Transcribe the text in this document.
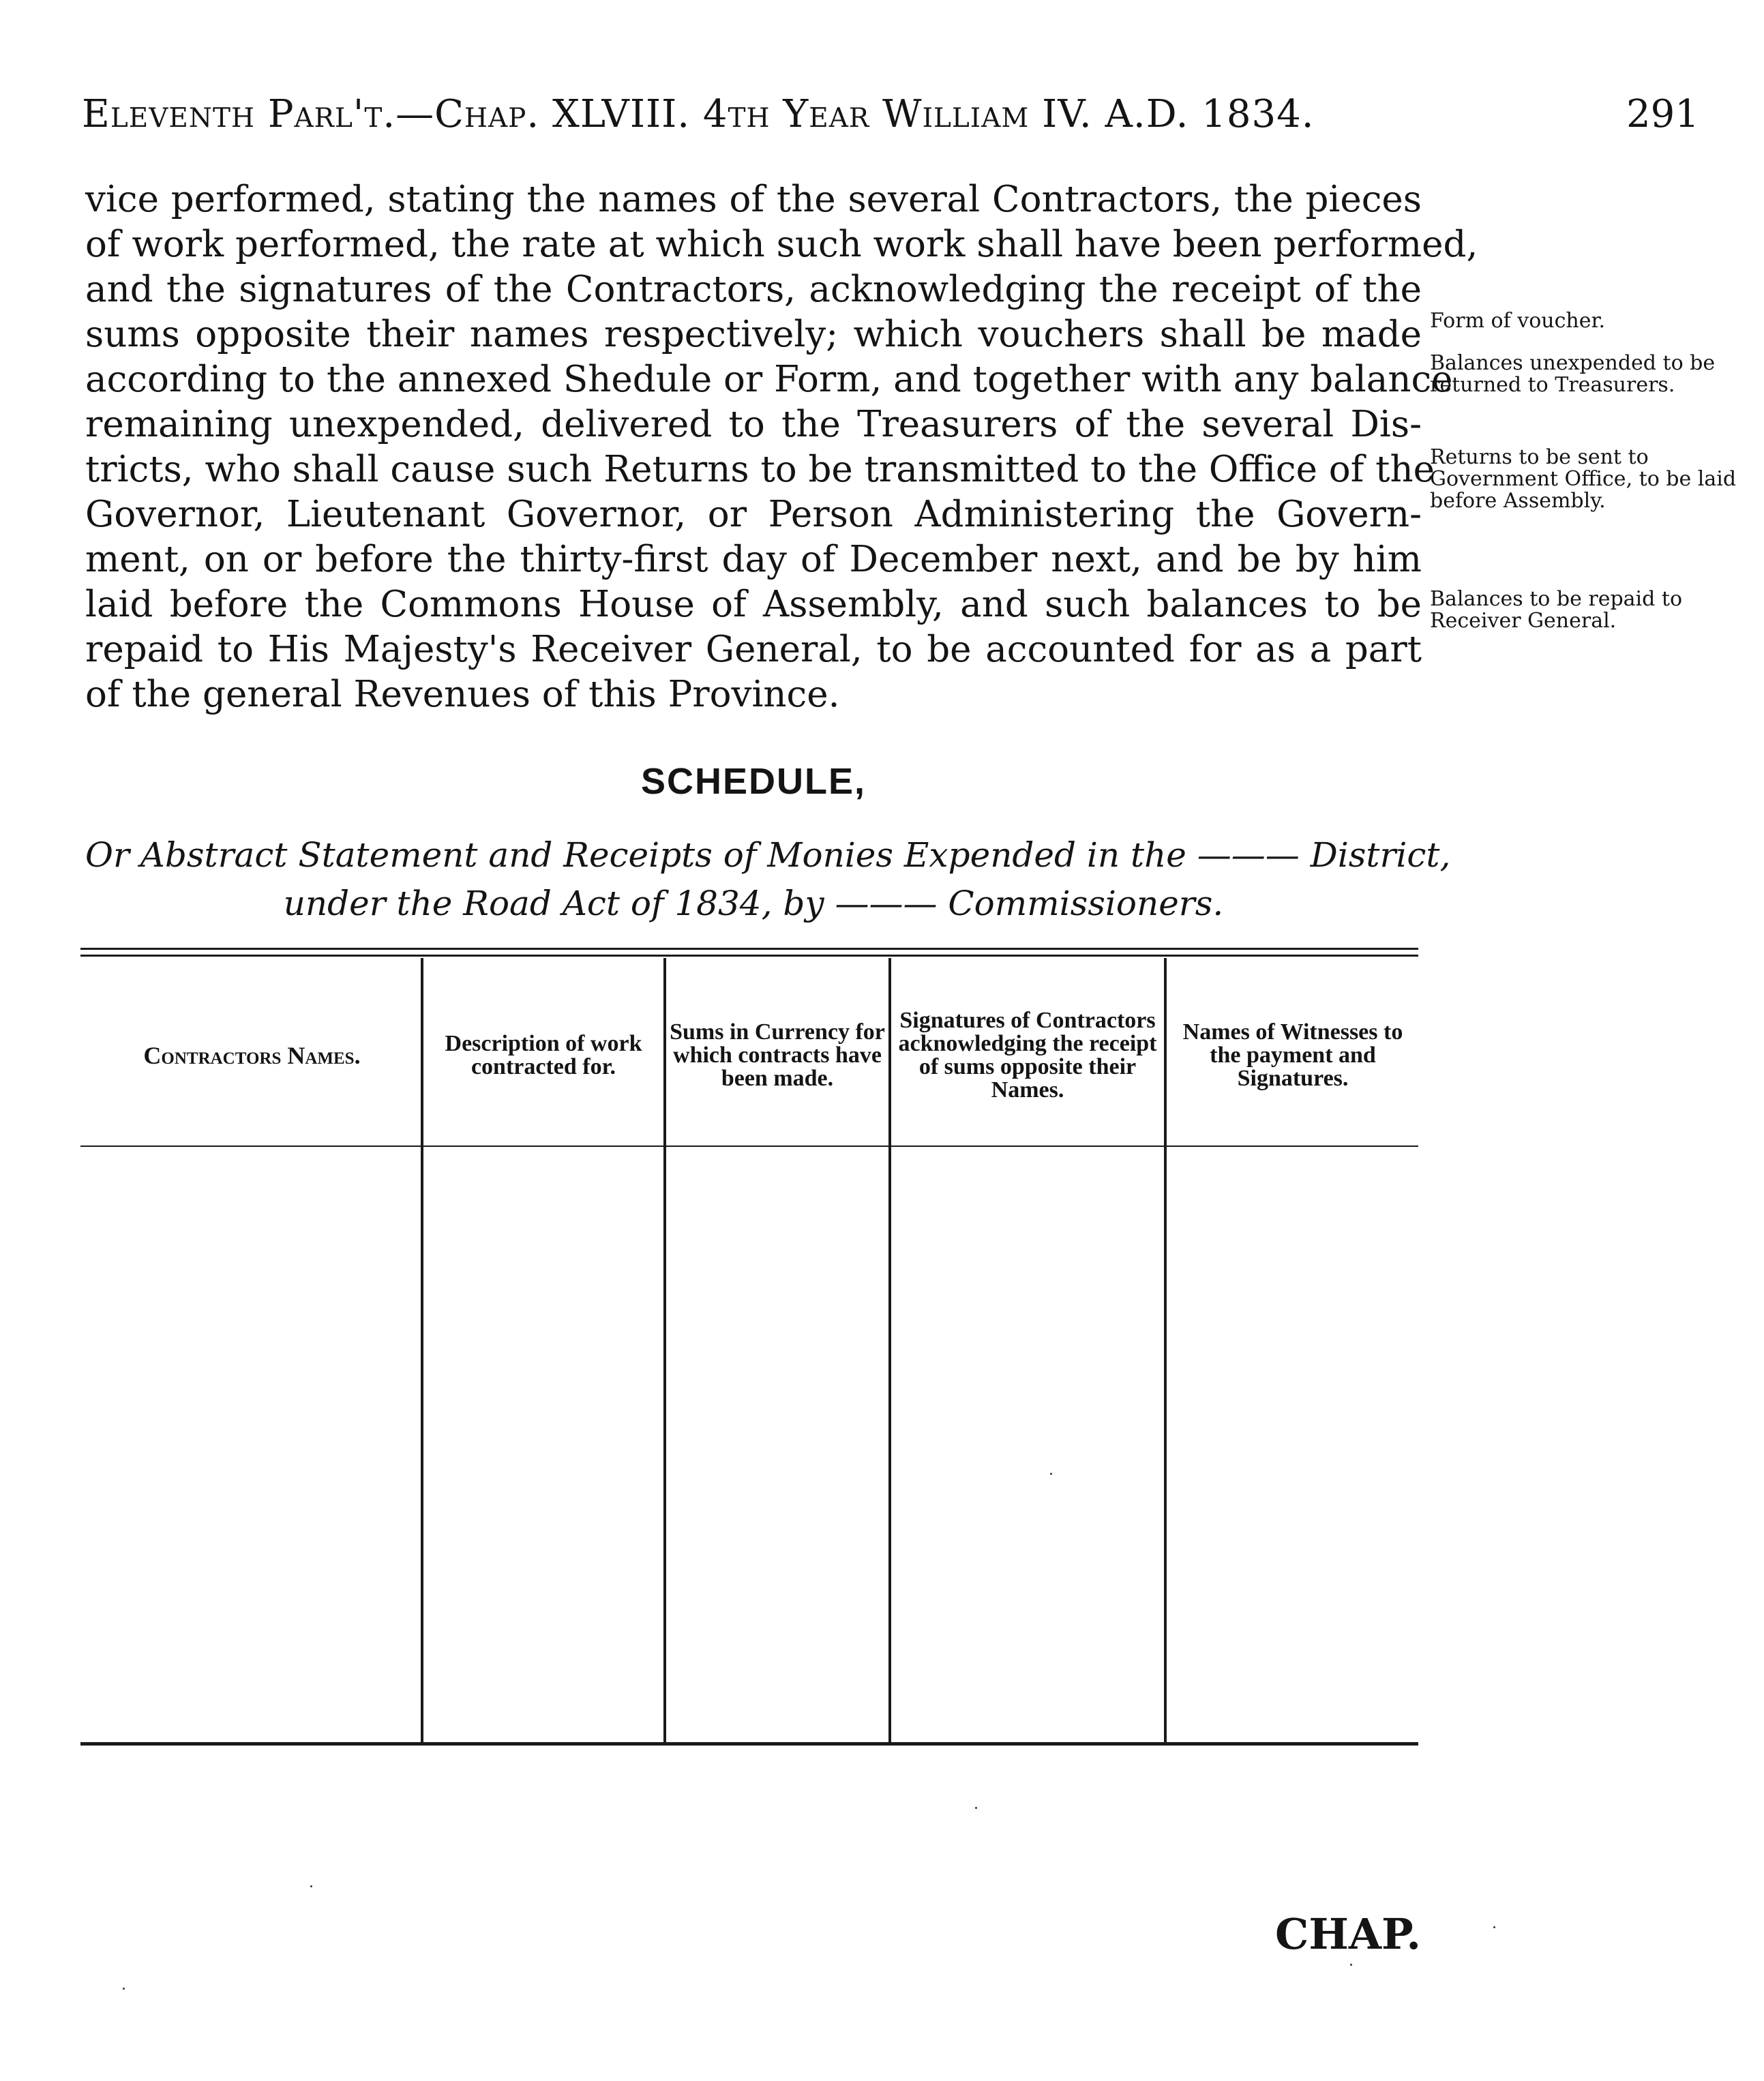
Eleventh Parl't.—Chap. XLVIII. 4th Year William IV. A.D. 1834.	291
vice performed, stating the names of the several Contractors, the pieces
of work performed, the rate at which such work shall have been performed,
and the signatures of the Contractors, acknowledging the receipt of the
sums opposite their names respectively; which vouchers shall be made
according to the annexed Shedule or Form, and together with any balance
remaining unexpended, delivered to the Treasurers of the several Dis-
tricts, who shall cause such Returns to be transmitted to the Office of the
Governor, Lieutenant Governor, or Person Administering the Govern-
ment, on or before the thirty-first day of December next, and be by him
laid before the Commons House of Assembly, and such balances to be
repaid to His Majesty's Receiver General, to be accounted for as a part
of the general Revenues of this Province.
Form of voucher.
Balances unexpended to be returned to Treasurers.
Returns to be sent to Government Office, to be laid before Assembly.
Balances to be repaid to Receiver General.
SCHEDULE,
Or Abstract Statement and Receipts of Monies Expended in the ——— District,
under the Road Act of 1834, by ——— Commissioners.
Contractors Names.	Description of work contracted for.
Sums in Currency for which contracts have been made.
Signatures of Contractors acknowledging the receipt of sums opposite their Names.
Names of Witnesses to the payment and Signatures.
CHAP.
